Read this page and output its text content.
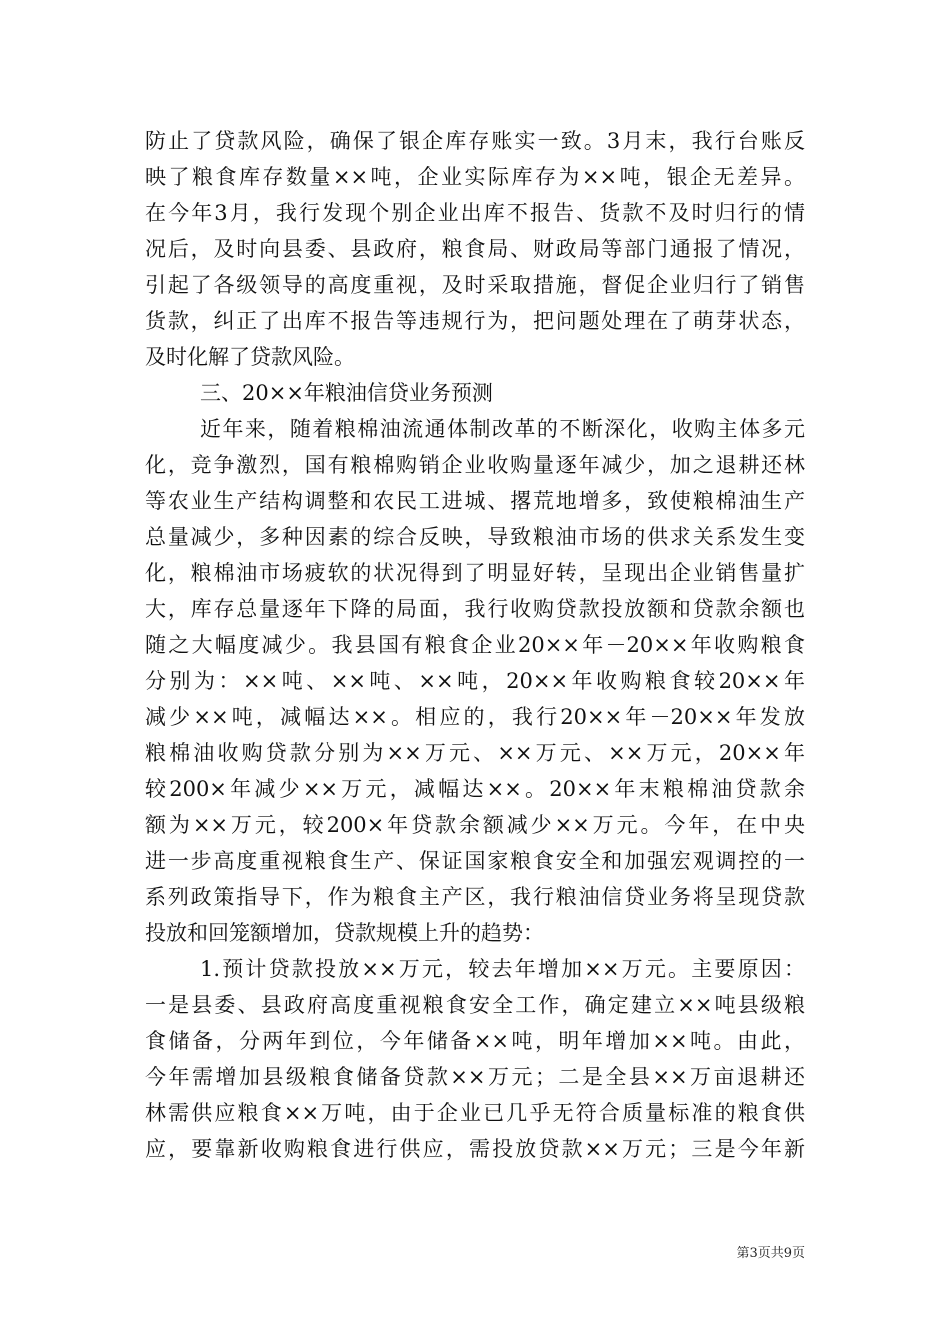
防止了贷款风险，确保了银企库存账实一致。3月末，我行台账反
映了粮食库存数量××吨，企业实际库存为××吨，银企无差异。
在今年3月，我行发现个别企业出库不报告、货款不及时归行的情
况后，及时向县委、县政府，粮食局、财政局等部门通报了情况，
引起了各级领导的高度重视，及时采取措施，督促企业归行了销售
货款，纠正了出库不报告等违规行为，把问题处理在了萌芽状态，
及时化解了贷款风险。
三、20××年粮油信贷业务预测
近年来，随着粮棉油流通体制改革的不断深化，收购主体多元
化，竞争激烈，国有粮棉购销企业收购量逐年减少，加之退耕还林
等农业生产结构调整和农民工进城、撂荒地增多，致使粮棉油生产
总量减少，多种因素的综合反映，导致粮油市场的供求关系发生变
化，粮棉油市场疲软的状况得到了明显好转，呈现出企业销售量扩
大，库存总量逐年下降的局面，我行收购贷款投放额和贷款余额也
随之大幅度减少。我县国有粮食企业20××年－20××年收购粮食
分别为：××吨、××吨、××吨，20××年收购粮食较20××年
减少××吨，减幅达××。相应的，我行20××年－20××年发放
粮棉油收购贷款分别为××万元、××万元、××万元，20××年
较200×年减少××万元，减幅达××。20××年末粮棉油贷款余
额为××万元，较200×年贷款余额减少××万元。今年，在中央
进一步高度重视粮食生产、保证国家粮食安全和加强宏观调控的一
系列政策指导下，作为粮食主产区，我行粮油信贷业务将呈现贷款
投放和回笼额增加，贷款规模上升的趋势：
1.预计贷款投放××万元，较去年增加××万元。主要原因：
一是县委、县政府高度重视粮食安全工作，确定建立××吨县级粮
食储备，分两年到位，今年储备××吨，明年增加××吨。由此，
今年需增加县级粮食储备贷款××万元；二是全县××万亩退耕还
林需供应粮食××万吨，由于企业已几乎无符合质量标准的粮食供
应，要靠新收购粮食进行供应，需投放贷款××万元；三是今年新
第3页共9页
